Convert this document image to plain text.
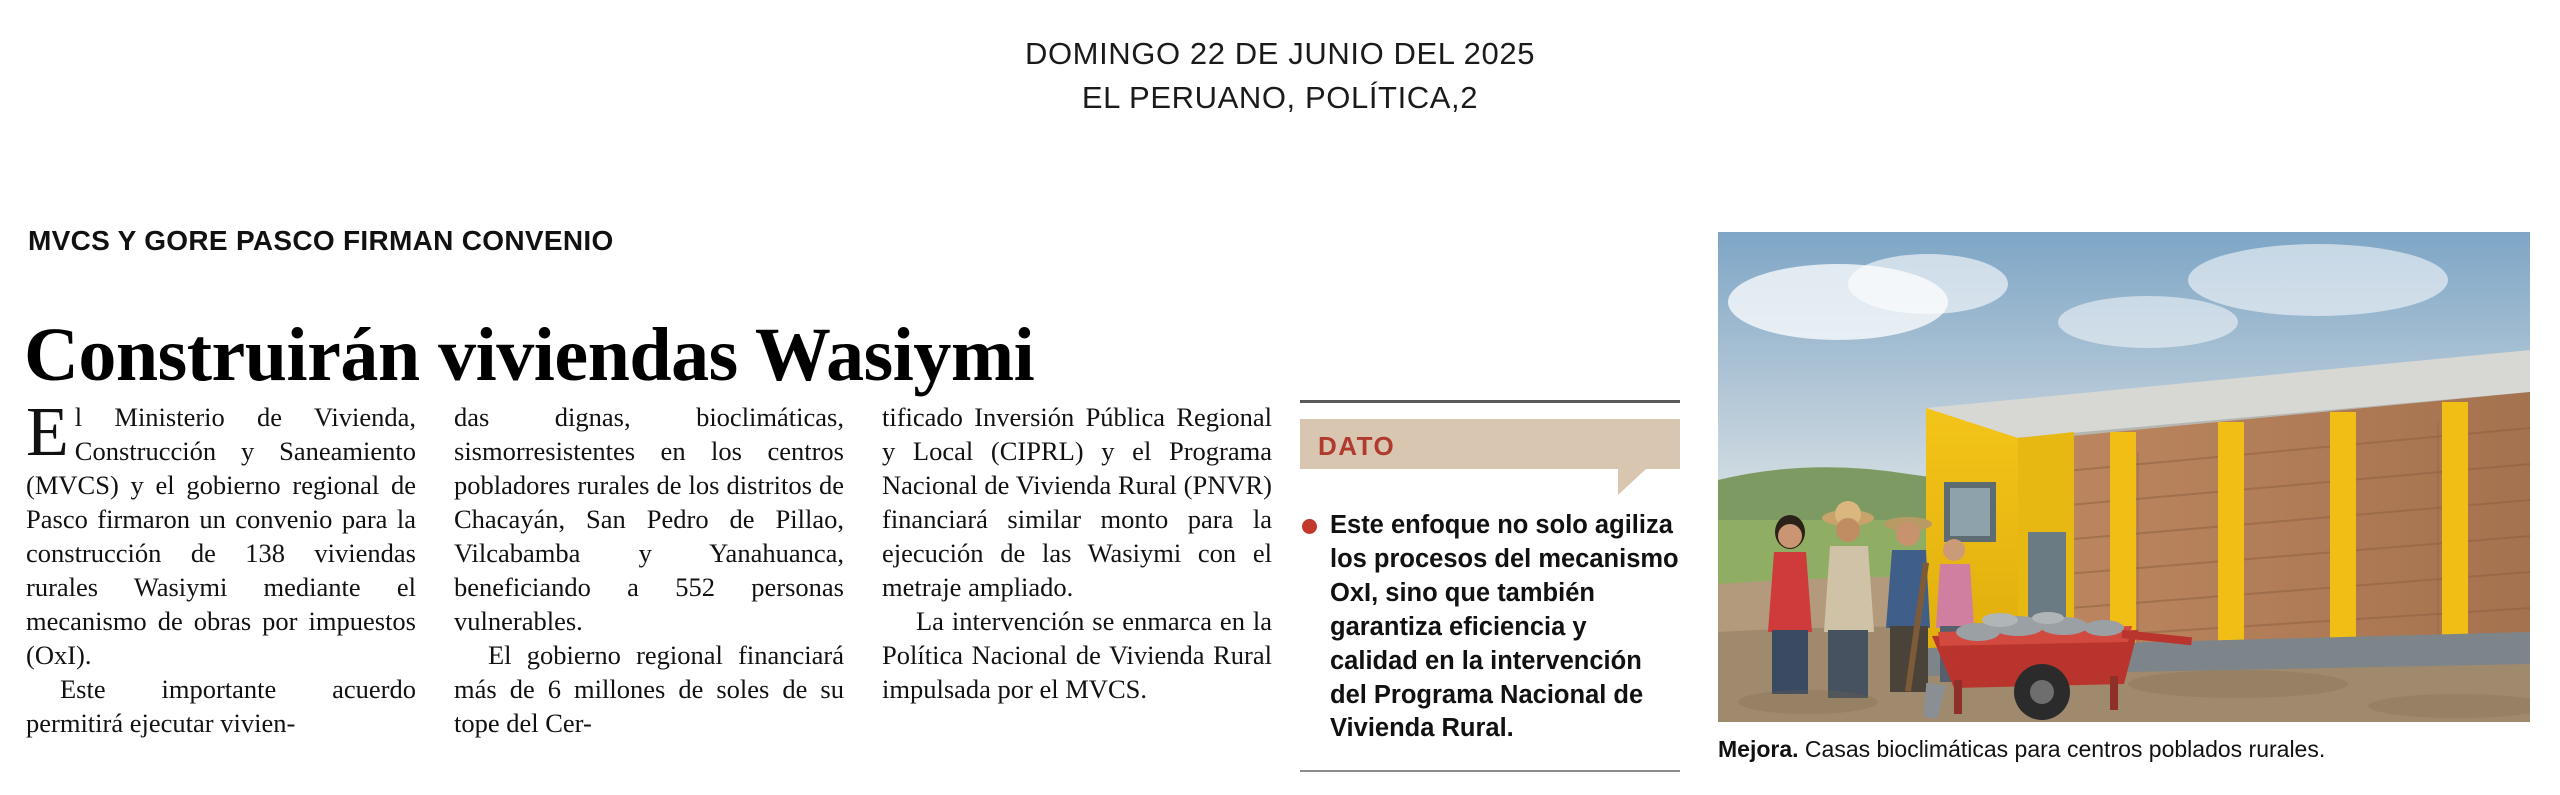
DOMINGO 22 DE JUNIO DEL 2025
EL PERUANO, POLÍTICA,2
MVCS Y GORE PASCO FIRMAN CONVENIO
Construirán viviendas Wasiymi

El Ministerio de Vivienda, Construcción y Saneamiento (MVCS) y el gobierno regional de Pasco firmaron un convenio para la construcción de 138 viviendas rurales Wasiymi mediante el mecanismo de obras por impuestos (OxI).

Este importante acuerdo permitirá ejecutar vivien-

das dignas, bioclimáticas, sismorresistentes en los centros pobladores rurales de los distritos de Chacayán, San Pedro de Pillao, Vilcabamba y Yanahuanca, beneficiando a 552 personas vulnerables.

El gobierno regional financiará más de 6 millones de soles de su tope del Cer-

tificado Inversión Pública Regional y Local (CIPRL) y el Programa Nacional de Vivienda Rural (PNVR) financiará similar monto para la ejecución de las Wasiymi con el metraje ampliado.

La intervención se enmarca en la Política Nacional de Vivienda Rural impulsada por el MVCS.

DATO
Este enfoque no solo agiliza los procesos del mecanismo OxI, sino que también garantiza eficiencia y calidad en la intervención del Programa Nacional de Vivienda Rural.
Mejora. Casas bioclimáticas para centros poblados rurales.
